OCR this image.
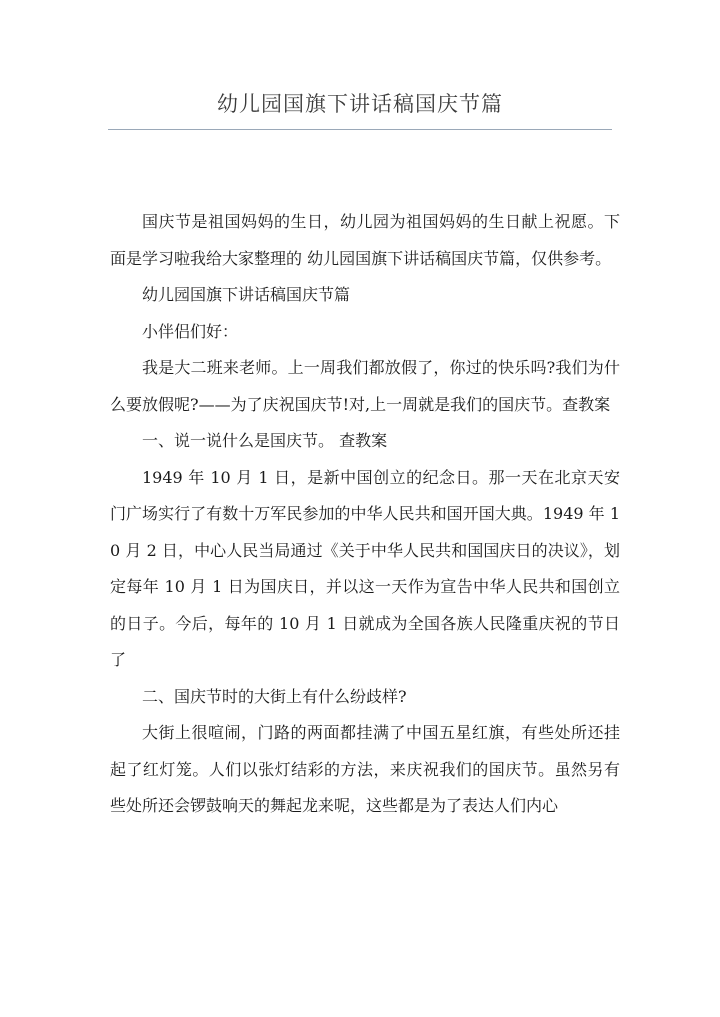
幼儿园国旗下讲话稿国庆节篇

国庆节是祖国妈妈的生日，幼儿园为祖国妈妈的生日献上祝愿。下面是学习啦我给大家整理的 幼儿园国旗下讲话稿国庆节篇，仅供参考。

幼儿园国旗下讲话稿国庆节篇

小伴侣们好：

我是大二班来老师。上一周我们都放假了，你过的快乐吗?我们为什么要放假呢?——为了庆祝国庆节!对,上一周就是我们的国庆节。查教案

一、说一说什么是国庆节。 查教案

1949 年 10 月 1 日，是新中国创立的纪念日。那一天在北京天安门广场实行了有数十万军民参加的中华人民共和国开国大典。1949 年 10 月 2 日，中心人民当局通过《关于中华人民共和国国庆日的决议》，划定每年 10 月 1 日为国庆日，并以这一天作为宣告中华人民共和国创立的日子。今后，每年的 10 月 1 日就成为全国各族人民隆重庆祝的节日了

二、国庆节时的大街上有什么纷歧样?

大街上很喧闹，门路的两面都挂满了中国五星红旗，有些处所还挂起了红灯笼。人们以张灯结彩的方法，来庆祝我们的国庆节。虽然另有些处所还会锣鼓响天的舞起龙来呢，这些都是为了表达人们内心
